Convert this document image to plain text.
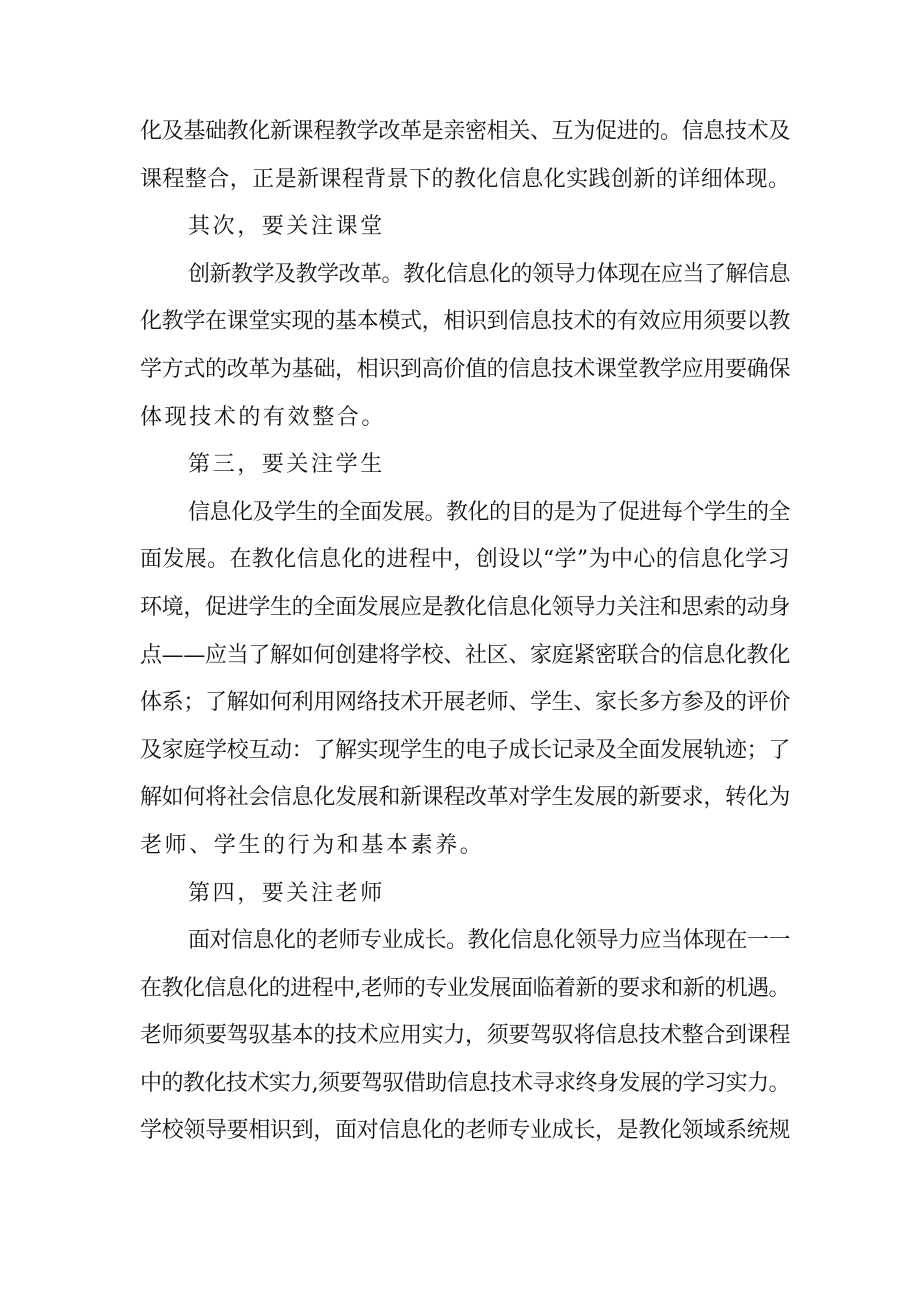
化及基础教化新课程教学改革是亲密相关、互为促进的。信息技术及
课程整合，正是新课程背景下的教化信息化实践创新的详细体现。

其次，要关注课堂

创新教学及教学改革。教化信息化的领导力体现在应当了解信息
化教学在课堂实现的基本模式，相识到信息技术的有效应用须要以教
学方式的改革为基础，相识到高价值的信息技术课堂教学应用要确保
体现技术的有效整合。

第三，要关注学生

信息化及学生的全面发展。教化的目的是为了促进每个学生的全
面发展。在教化信息化的进程中，创设以“学”为中心的信息化学习
环境，促进学生的全面发展应是教化信息化领导力关注和思索的动身
点——应当了解如何创建将学校、社区、家庭紧密联合的信息化教化
体系；了解如何利用网络技术开展老师、学生、家长多方参及的评价
及家庭学校互动：了解实现学生的电子成长记录及全面发展轨迹；了
解如何将社会信息化发展和新课程改革对学生发展的新要求，转化为
老师、学生的行为和基本素养。

第四，要关注老师

面对信息化的老师专业成长。教化信息化领导力应当体现在一一
在教化信息化的进程中,老师的专业发展面临着新的要求和新的机遇。
老师须要驾驭基本的技术应用实力，须要驾驭将信息技术整合到课程
中的教化技术实力,须要驾驭借助信息技术寻求终身发展的学习实力。
学校领导要相识到，面对信息化的老师专业成长，是教化领域系统规
